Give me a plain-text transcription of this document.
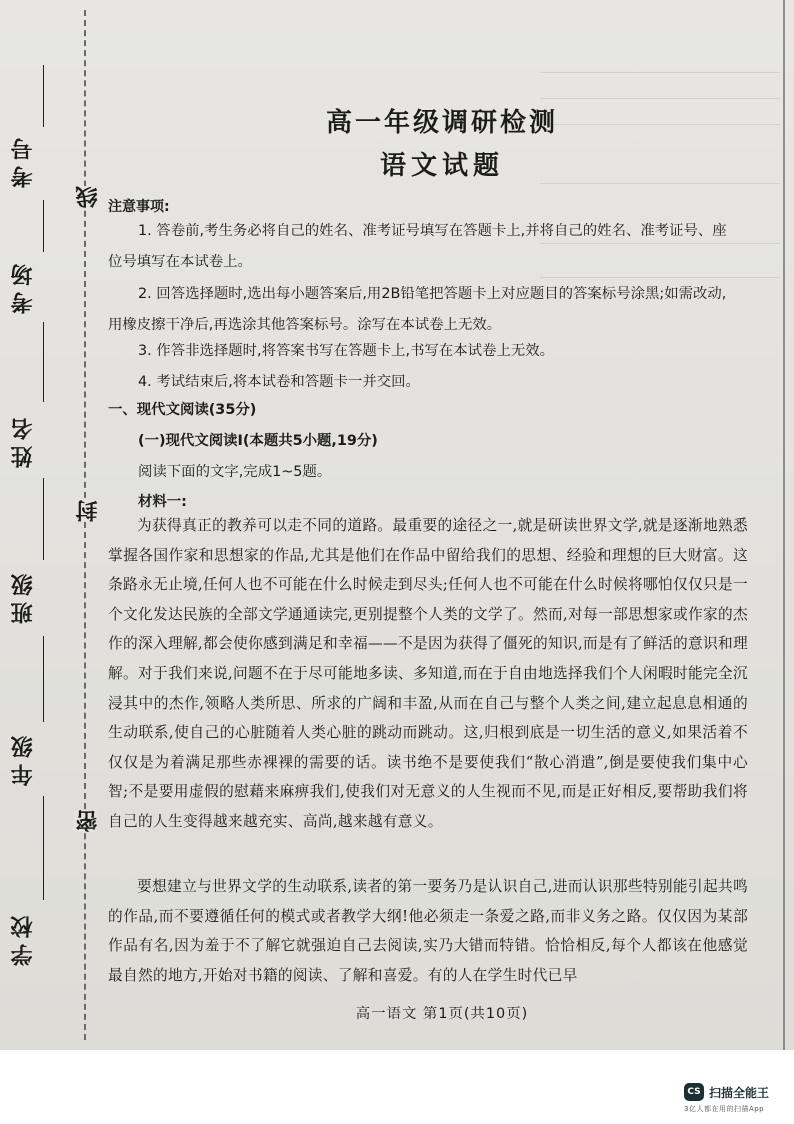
考号
考场
姓名
班级
年级
学校
线
封
密
高一年级调研检测
语文试题
注意事项:
1. 答卷前,考生务必将自己的姓名、准考证号填写在答题卡上,并将自己的姓名、准考证号、座位号填写在本试卷上。
2. 回答选择题时,选出每小题答案后,用2B铅笔把答题卡上对应题目的答案标号涂黑;如需改动,用橡皮擦干净后,再选涂其他答案标号。涂写在本试卷上无效。
3. 作答非选择题时,将答案书写在答题卡上,书写在本试卷上无效。
4. 考试结束后,将本试卷和答题卡一并交回。
一、现代文阅读(35分)
(一)现代文阅读Ⅰ(本题共5小题,19分)
阅读下面的文字,完成1~5题。
材料一:
为获得真正的教养可以走不同的道路。最重要的途径之一,就是研读世界文学,就是逐渐地熟悉掌握各国作家和思想家的作品,尤其是他们在作品中留给我们的思想、经验和理想的巨大财富。这条路永无止境,任何人也不可能在什么时候走到尽头;任何人也不可能在什么时候将哪怕仅仅只是一个文化发达民族的全部文学通通读完,更别提整个人类的文学了。然而,对每一部思想家或作家的杰作的深入理解,都会使你感到满足和幸福——不是因为获得了僵死的知识,而是有了鲜活的意识和理解。对于我们来说,问题不在于尽可能地多读、多知道,而在于自由地选择我们个人闲暇时能完全沉浸其中的杰作,领略人类所思、所求的广阔和丰盈,从而在自己与整个人类之间,建立起息息相通的生动联系,使自己的心脏随着人类心脏的跳动而跳动。这,归根到底是一切生活的意义,如果活着不仅仅是为着满足那些赤裸裸的需要的话。读书绝不是要使我们“散心消遣”,倒是要使我们集中心智;不是要用虚假的慰藉来麻痹我们,使我们对无意义的人生视而不见,而是正好相反,要帮助我们将自己的人生变得越来越充实、高尚,越来越有意义。
要想建立与世界文学的生动联系,读者的第一要务乃是认识自己,进而认识那些特别能引起共鸣的作品,而不要遵循任何的模式或者教学大纲!他必须走一条爱之路,而非义务之路。仅仅因为某部作品有名,因为羞于不了解它就强迫自己去阅读,实乃大错而特错。恰恰相反,每个人都该在他感觉最自然的地方,开始对书籍的阅读、了解和喜爱。有的人在学生时代已早
高一语文 第1页(共10页)
CS 扫描全能王
3亿人都在用的扫描App
